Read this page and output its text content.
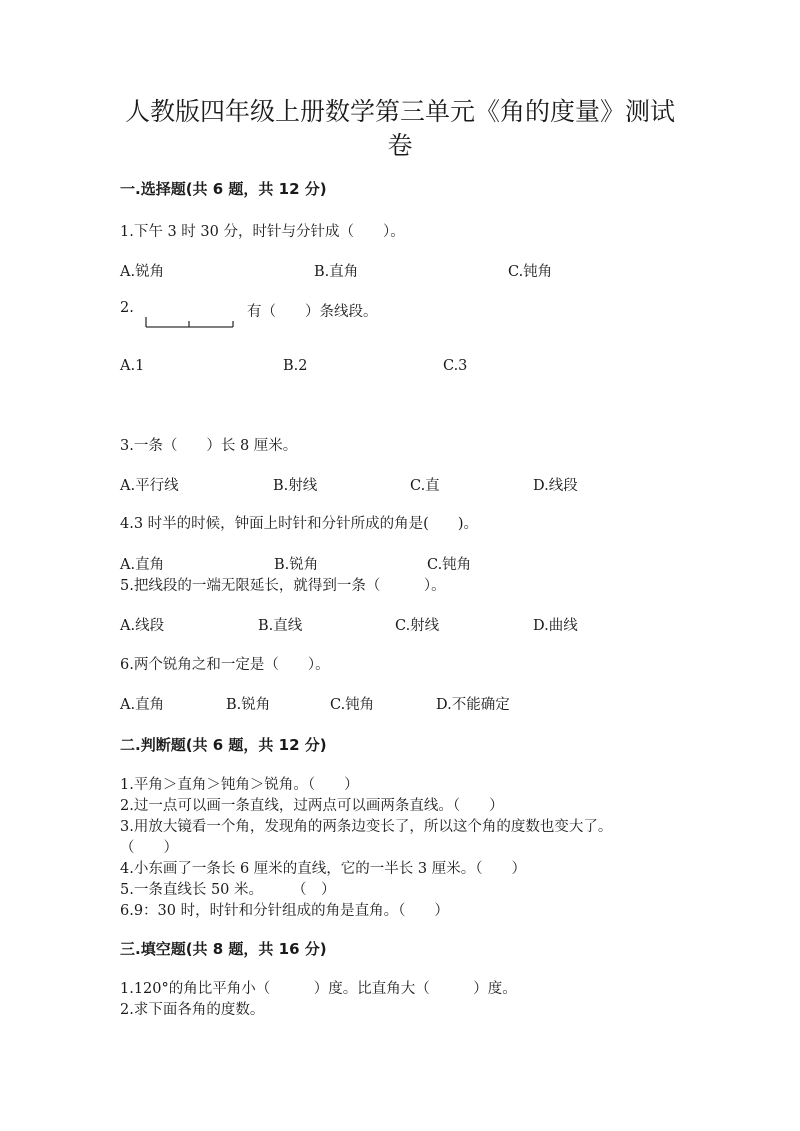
人教版四年级上册数学第三单元《角的度量》测试
卷
一.选择题(共 6 题，共 12 分)
1.下午 3 时 30 分，时针与分针成（　　）。
A.锐角	B.直角	C.钝角
2.	有（　　）条线段。
A.1	B.2	C.3
3.一条（　　）长 8 厘米。
A.平行线	B.射线	C.直	D.线段
4.3 时半的时候，钟面上时针和分针所成的角是(　　)。
A.直角	B.锐角	C.钝角
5.把线段的一端无限延长，就得到一条（　　　）。
A.线段	B.直线	C.射线	D.曲线
6.两个锐角之和一定是（　　）。
A.直角	B.锐角	C.钝角	D.不能确定
二.判断题(共 6 题，共 12 分)
1.平角＞直角＞钝角＞锐角。（　　）
2.过一点可以画一条直线，过两点可以画两条直线。（　　）
3.用放大镜看一个角，发现角的两条边变长了，所以这个角的度数也变大了。
（　　）
4.小东画了一条长 6 厘米的直线，它的一半长 3 厘米。（　　）
5.一条直线长 50 米。　　　（　）
6.9：30 时，时针和分针组成的角是直角。（　　）
三.填空题(共 8 题，共 16 分)
1.120°的角比平角小（　　　）度。比直角大（　　　）度。
2.求下面各角的度数。
